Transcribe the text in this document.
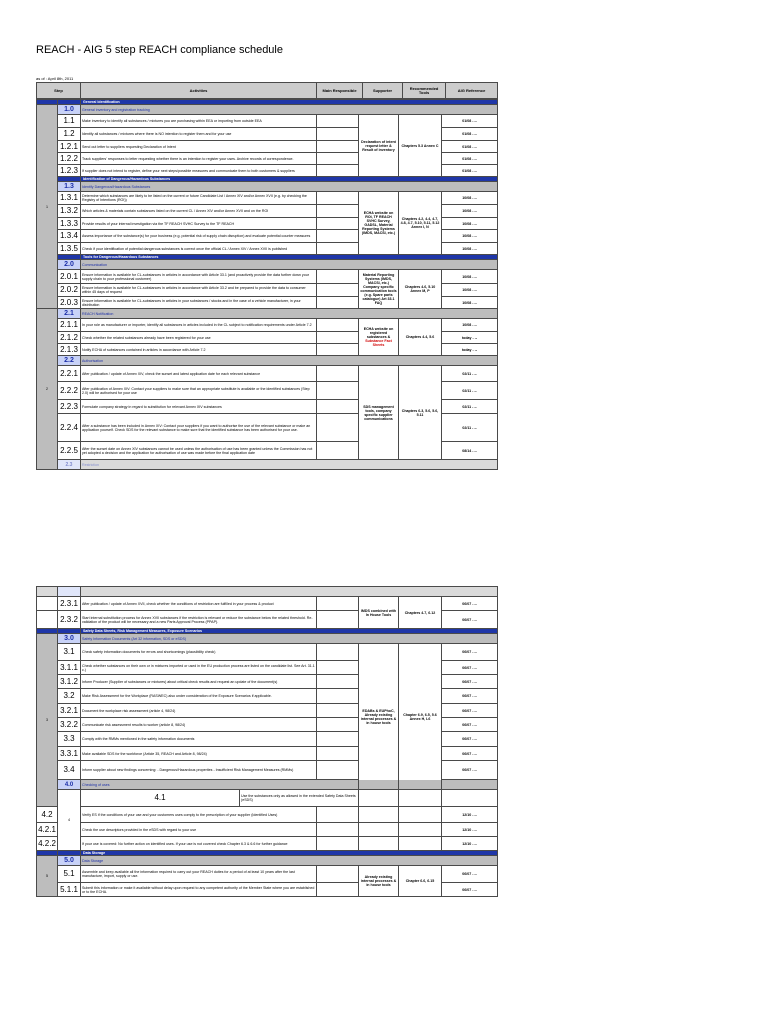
REACH - AIG 5 step REACH compliance schedule
as of : April 8th, 2011
Step	Activities	Main Responsible	Supporter	Recommended Tools	AIG Reference
		General Identification				
1	1.0	General inventory and registration tracking				
	1.1	Make inventory to identify all substances / mixtures you are purchasing within EEA or importing from outside EEA		Declaration of intent request letter & Result of inventory	Chapters 5.3 Annex C	01/08 - --
	1.2	Identify all substances / mixtures where there is NO intention to register them and for your use				01/08 - --
	1.2.1	Send out letter to suppliers requesting Declaration of Intent				01/08 - --
	1.2.2	Track suppliers' responses to letter requesting whether there is an intention to register your uses. Archive records of correspondence.				01/08 - --
	1.2.3	If supplier does not intend to register, define your next steps/possible measures and communicate them to both customers & suppliers				01/08 - --
		Identification of Dangerous/Hazardous Substances				
	1.3	Identify Dangerous/Hazardous Substances				
	1.3.1	Determine which substances are likely to be listed on the current or future Candidate List / Annex XIV and/or Annex XVII (e.g. by checking the Registry of Intentions (ROI))		ECHA website on ROI, TF REACH SVHC Survey, GADSL, Material Reporting Systems (IMDS, MACSI, etc.)	Chapters 4.2, 4.4, 4.7, 4.8, 4.7, 5.10, 5.11, 5.12 Annex I, N	10/08 - --
	1.3.2	Which articles & materials contain substances listed on the current CL / Annex XIV and/or Annex XVII and on the ROI				10/08 - --
	1.3.3	Provide results of your internal investigation via the TF REACH SVHC Survey to the TF REACH				10/08 - --
	1.3.4	Assess importance of the substance(s) for your business (e.g. potential risk of supply chain disruption) and evaluate potential counter measures				10/08 - --
	1.3.5	Check if your identification of potential dangerous substances is correct once the official CL / Annex XIV / Annex XVII is published				10/08 - --
		Tools for Dangerous/Hazardous Substances				
	2.0	Communication				
	2.0.1	Ensure information is available for CL-substances in articles in accordance with Article 33.1 (and proactively provide the data further down your supply chain to your professional customer)		Material Reporting Systems (IMDS, MACSI, etc.) Company specific communication tools (e.g. Spare parts catalogue) Art 33.1 FAQ	Chapters 4.6, 5.10 Annex M, P	10/08 - --
	2.0.2	Ensure information is available for CL-substances in articles in accordance with Article 33.2 and be prepared to provide the data to consumer within 45 days of request				10/08 - --
	2.0.3	Ensure information is available for CL-substances in articles in your substances / stocks and in the case of a vehicle manufacturer, in your distribution				10/08 - --
2	2.1	REACH Notification				
	2.1.1	In your role as manufacturer or importer, identify all substances in articles included in the CL subject to notification requirements under Article 7.2		ECHA website on registered substances & Substance Fact Sheets	Chapters 4.4, 5.6	10/08 - --
	2.1.2	Check whether the related substances already have been registered for your use				today - --
	2.1.3	Notify ECHA of substances contained in articles in accordance with Article 7.2				today - --
	2.2	Authorisation				
	2.2.1	After publication / update of Annex XIV, check the sunset and latest application date for each relevant substance		SDS management tools, company specific supplier communications	Chapters 6.3, 5.6, 5.6, 5.11	02/11 - --
	2.2.2	After publication of Annex XIV: Contact your suppliers to make sure that an appropriate substitute is available or the identified substances (Step 2.0) will be authorised for your use				02/11 - --
	2.2.3	Formulate company strategy in regard to substitution for relevant Annex XIV substances				02/11 - --
	2.2.4	After a substance has been included in Annex XIV: Contact your suppliers if you want to authorise the use of the relevant substance or make an application yourself. Check SDS for the relevant substance to make sure that the identified substance has been authorised for your use.				02/11 - --
	2.2.5	After the sunset date on Annex XIV substances cannot be used unless the authorisation of use has been granted unless the Commission has not yet adopted a decision and the application for authorisation of use was made before the final application date				08/14 - --
	2.3	Restriction				

	2.3.1	After publication / update of Annex XVII, check whether the conditions of restriction are fulfilled in your process & product			IMDS combined with In House Tools	Chapters 4.7, 6.12	06/07 - --	
	2.3.2	Start internal substitution process for Annex XVII substances if the restriction is relevant or reduce the substance below the related threshold. Re-validation of the product will be necessary and a new Parts Approval Process (PPAP).					06/07 - --	
		Safety Data Sheets, Risk Management Measures, Exposure Scenarios						
3	3.0	Safety Information Documents (Art 32 information, SDS or eSDS)						
	3.1	Check safety information documents for errors and shortcomings (plausibility check)			EDABs & EUPhoC, Already existing internal processes & in house tools	Chapter 6.9, 6.5, 5.6 Annex H, L6	06/07 - --	
	3.1.1	Check whether substances on their own or in mixtures imported or used in the EU production process are listed on the candidate list. See Art. 31.1 c.)					06/07 - --	
	3.1.2	Inform Producer (Supplier of substances or mixtures) about critical check results and request an update of the document(s)					06/07 - --	
	3.2	Make Risk Assessment for the Workplace (RASWEC) also under consideration of the Exposure Scenarios if applicable.					06/07 - --	
	3.2.1	Document the workplace risk assessment (article 4, 98/24)					06/07 - --	
	3.2.2	Communicate risk assessment results to worker (article 8, 98/24)					06/07 - --	
	3.3	Comply with the RMMs mentioned in the safety information documents					06/07 - --	
	3.3.1	Make available SDS for the workforce (Article 35, REACH and Article 8, 98/24)					06/07 - --	
	3.4	Inform supplier about new findings concerning: - Dangerous/Hazardous properties - Insufficient Risk Management Measures (RMMs)					06/07 - --	
	4.0	Checking of uses						
	4	4.1	Use the substances only as allowed in the extended Safety Data Sheets (eSDS)				
4.2		Verify ES if the conditions of your use and your customers uses comply to the prescription of your supplier (Identified Uses)					12/10 - --	
4.2.1		Check the use descriptors provided in the eSDS with regard to your use					12/10 - --	
4.2.2		If your use is covered: No further action on identified uses. If your use is not covered check Chapter 6.3 & 6.6 for further guidance					12/10 - --	
		Data Storage						
5	5.0	Data Storage						
	5.1	Assemble and keep available all the information required to carry out your REACH duties for a period of at least 10 years after the last manufacture, import, supply or use.			Already existing internal processes & in house tools	Chapter 6.6, 6.15	06/07 - --	
	5.1.1	Submit this information or make it available without delay upon request to any competent authority of the Member State where you are established or to the ECHA.					06/07 - --	
